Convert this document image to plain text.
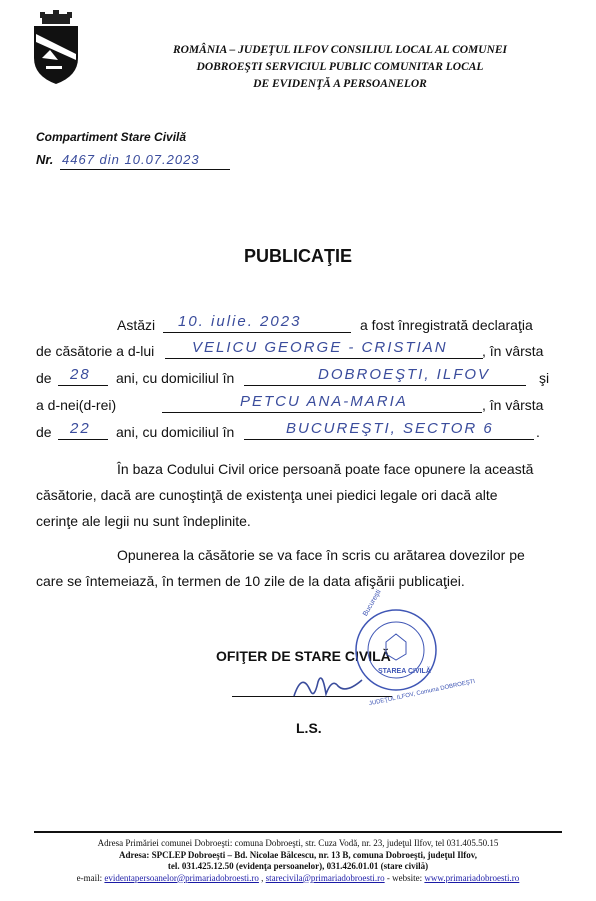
ROMÂNIA – JUDEŢUL ILFOV CONSILIUL LOCAL AL COMUNEI
DOBROEŞTI SERVICIUL PUBLIC COMUNITAR LOCAL
DE EVIDENŢĂ A PERSOANELOR
Compartiment Stare Civilă
Nr. 4467 din 10.07.2023
PUBLICAŢIE
Astăzi 10. iulie. 2023	a fost înregistrată declaraţia
de căsătorie a d-lui	VELICU GEORGE - CRISTIAN , în vârsta
de 28 ani, cu domiciliul în	DOBROEŞTI, ILFOV	şi
a d-nei(d-rei)	PETCU ANA-MARIA	, în vârsta
de 22 ani, cu domiciliul în	BUCUREŞTI, SECTOR 6	.
În baza Codului Civil orice persoană poate face opunere la această
căsătorie, dacă are cunoştinţă de existenţa unei piedici legale ori dacă alte
cerinţe ale legii nu sunt îndeplinite.
Opunerea la căsătorie se va face în scris cu arătarea dovezilor pe
care se întemeiază, în termen de 10 zile de la data afişării publicaţiei.
OFIŢER DE STARE CIVILĂ
L.S.
Bucureşti
STAREA CIVILĂ
JUDEŢUL ILFOV, Comuna DOBROEŞTI
Adresa Primăriei comunei Dobroeşti: comuna Dobroeşti, str. Cuza Vodă, nr. 23, judeţul Ilfov, tel 031.405.50.15
Adresa: SPCLEP Dobroeşti – Bd. Nicolae Bălcescu, nr. 13 B, comuna Dobroeşti, judeţul Ilfov,
tel. 031.425.12.50 (evidenţa persoanelor), 031.426.01.01 (stare civilă)
e-mail: evidentapersoanelor@primariadobroesti.ro , starecivila@primariadobroesti.ro - website: www.primariadobroesti.ro
